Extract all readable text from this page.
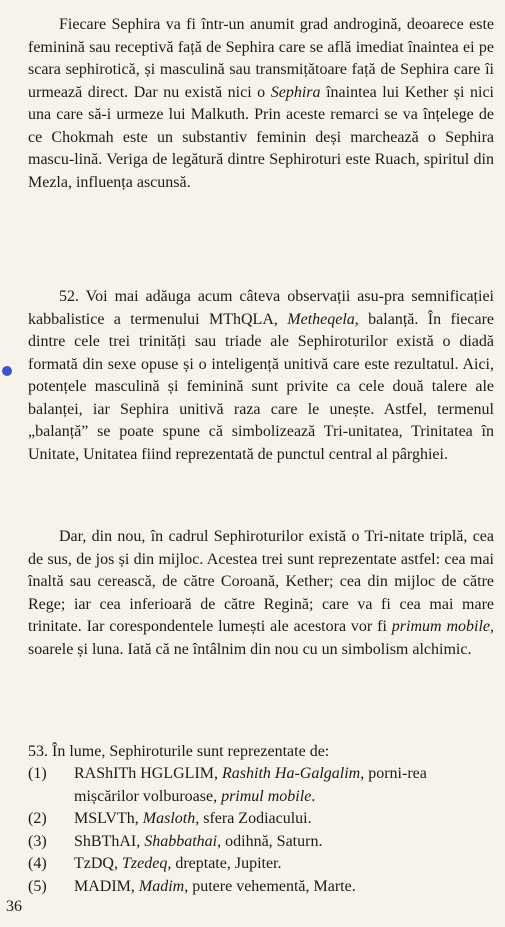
Fiecare Sephira va fi într-un anumit grad androgină, deoarece este feminină sau receptivă față de Sephira care se află imediat înaintea ei pe scara sephirotică, și masculină sau transmițătoare față de Sephira care îi urmează direct. Dar nu există nici o Sephira înaintea lui Kether și nici una care să-i urmeze lui Malkuth. Prin aceste remarci se va înțelege de ce Chokmah este un substantiv feminin deși marchează o Sephira mascu-lină. Veriga de legătură dintre Sephiroturi este Ruach, spiritul din Mezla, influența ascunsă.

52. Voi mai adăuga acum câteva observații asu-pra semnificației kabbalistice a termenului MThQLA, Metheqela, balanță. În fiecare dintre cele trei trinități sau triade ale Sephiroturilor există o diadă formată din sexe opuse și o inteligență unitivă care este rezultatul. Aici, potențele masculină și feminină sunt privite ca cele două talere ale balanței, iar Sephira unitivă raza care le unește. Astfel, termenul „balanță” se poate spune că simbolizează Tri-unitatea, Trinitatea în Unitate, Unitatea fiind reprezentată de punctul central al pârghiei.

Dar, din nou, în cadrul Sephiroturilor există o Tri-nitate triplă, cea de sus, de jos și din mijloc. Acestea trei sunt reprezentate astfel: cea mai înaltă sau cerească, de către Coroană, Kether; cea din mijloc de către Rege; iar cea inferioară de către Regină; care va fi cea mai mare trinitate. Iar corespondentele lumești ale acestora vor fi primum mobile, soarele și luna. Iată că ne întâlnim din nou cu un simbolism alchimic.

53. În lume, Sephiroturile sunt reprezentate de:

(1)	RAShITh HGLGLIM, Rashith Ha-Galgalim, porni-rea mișcărilor volburoase, primul mobile.
(2)	MSLVTh, Masloth, sfera Zodiacului.
(3)	ShBThAI, Shabbathai, odihnă, Saturn.
(4)	TzDQ, Tzedeq, dreptate, Jupiter.
(5)	MADIM, Madim, putere vehementă, Marte.
36
